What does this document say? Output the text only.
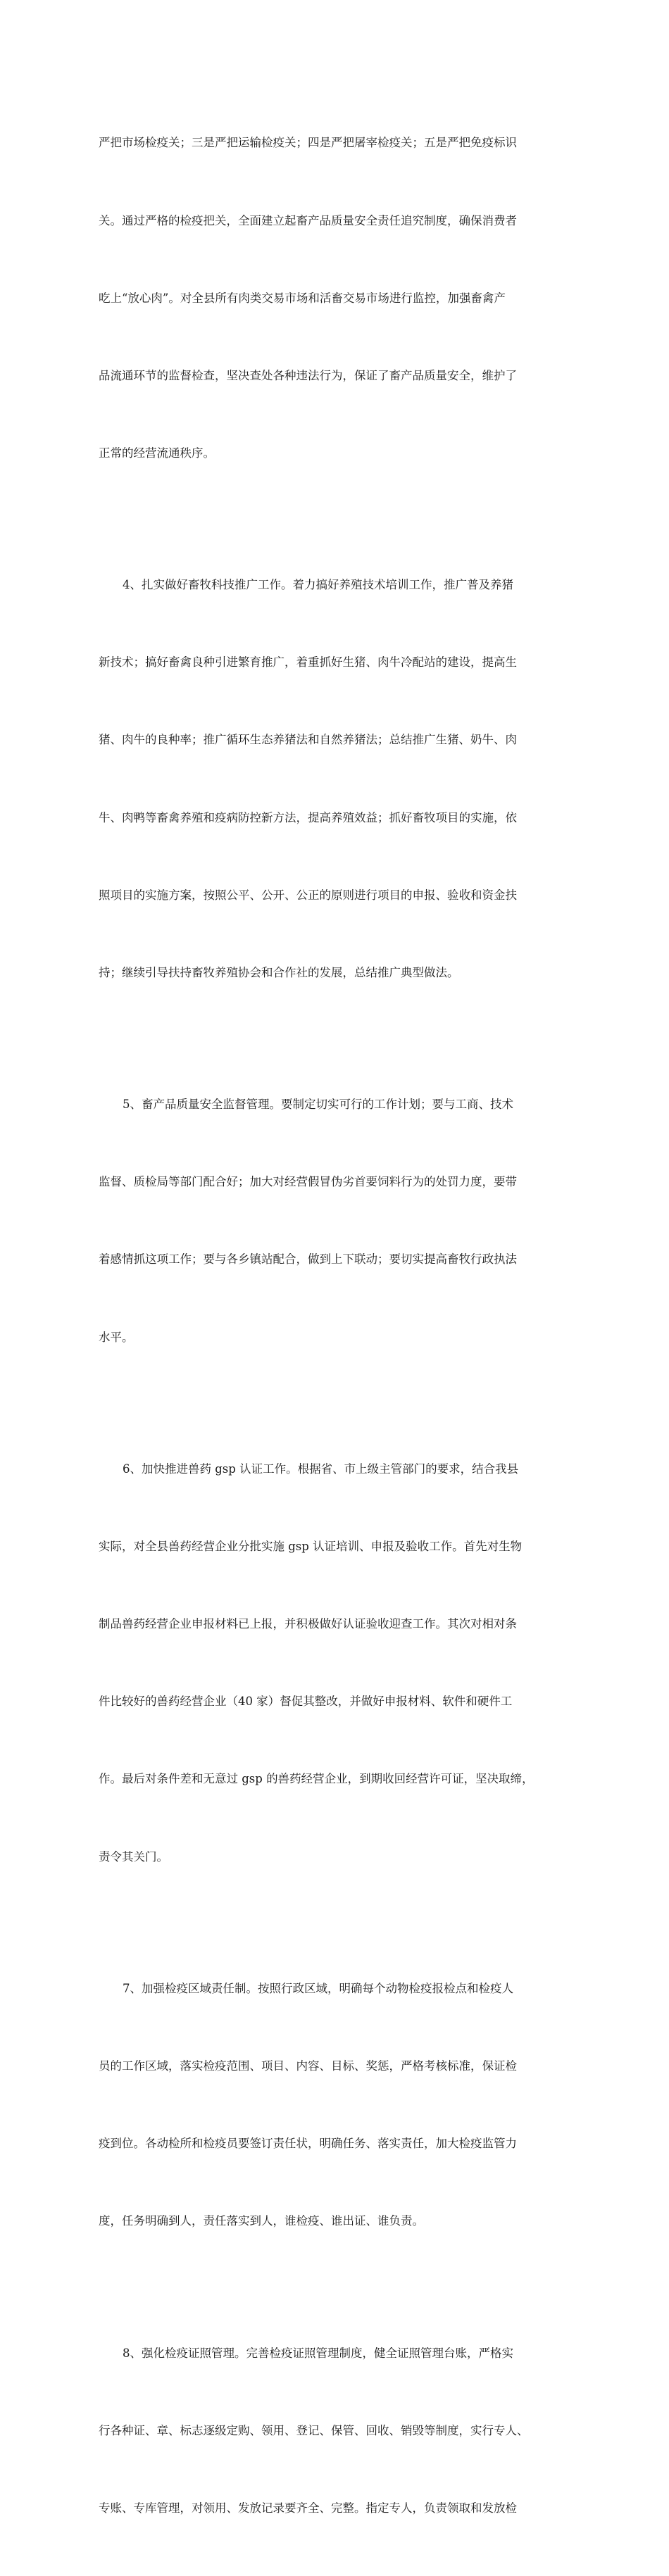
严把市场检疫关；三是严把运输检疫关；四是严把屠宰检疫关；五是严把免疫标识

关。通过严格的检疫把关，全面建立起畜产品质量安全责任追究制度，确保消费者

吃上“放心肉”。对全县所有肉类交易市场和活畜交易市场进行监控，加强畜禽产

品流通环节的监督检查，坚决查处各种违法行为，保证了畜产品质量安全，维护了

正常的经营流通秩序。

4、扎实做好畜牧科技推广工作。着力搞好养殖技术培训工作，推广普及养猪

新技术；搞好畜禽良种引进繁育推广，着重抓好生猪、肉牛冷配站的建设，提高生

猪、肉牛的良种率；推广循环生态养猪法和自然养猪法；总结推广生猪、奶牛、肉

牛、肉鸭等畜禽养殖和疫病防控新方法，提高养殖效益；抓好畜牧项目的实施，依

照项目的实施方案，按照公平、公开、公正的原则进行项目的申报、验收和资金扶

持；继续引导扶持畜牧养殖协会和合作社的发展，总结推广典型做法。

5、畜产品质量安全监督管理。要制定切实可行的工作计划；要与工商、技术

监督、质检局等部门配合好；加大对经营假冒伪劣首要饲料行为的处罚力度，要带

着感情抓这项工作；要与各乡镇站配合，做到上下联动；要切实提高畜牧行政执法

水平。

6、加快推进兽药 gsp 认证工作。根据省、市上级主管部门的要求，结合我县

实际，对全县兽药经营企业分批实施 gsp 认证培训、申报及验收工作。首先对生物

制品兽药经营企业申报材料已上报，并积极做好认证验收迎查工作。其次对相对条

件比较好的兽药经营企业（40 家）督促其整改，并做好申报材料、软件和硬件工

作。最后对条件差和无意过 gsp 的兽药经营企业，到期收回经营许可证，坚决取缔，

责令其关门。

7、加强检疫区域责任制。按照行政区域，明确每个动物检疫报检点和检疫人

员的工作区域，落实检疫范围、项目、内容、目标、奖惩，严格考核标准，保证检

疫到位。各动检所和检疫员要签订责任状，明确任务、落实责任，加大检疫监管力

度，任务明确到人，责任落实到人，谁检疫、谁出证、谁负责。

8、强化检疫证照管理。完善检疫证照管理制度，健全证照管理台账，严格实

行各种证、章、标志逐级定购、领用、登记、保管、回收、销毁等制度，实行专人、

专账、专库管理，对领用、发放记录要齐全、完整。指定专人，负责领取和发放检
